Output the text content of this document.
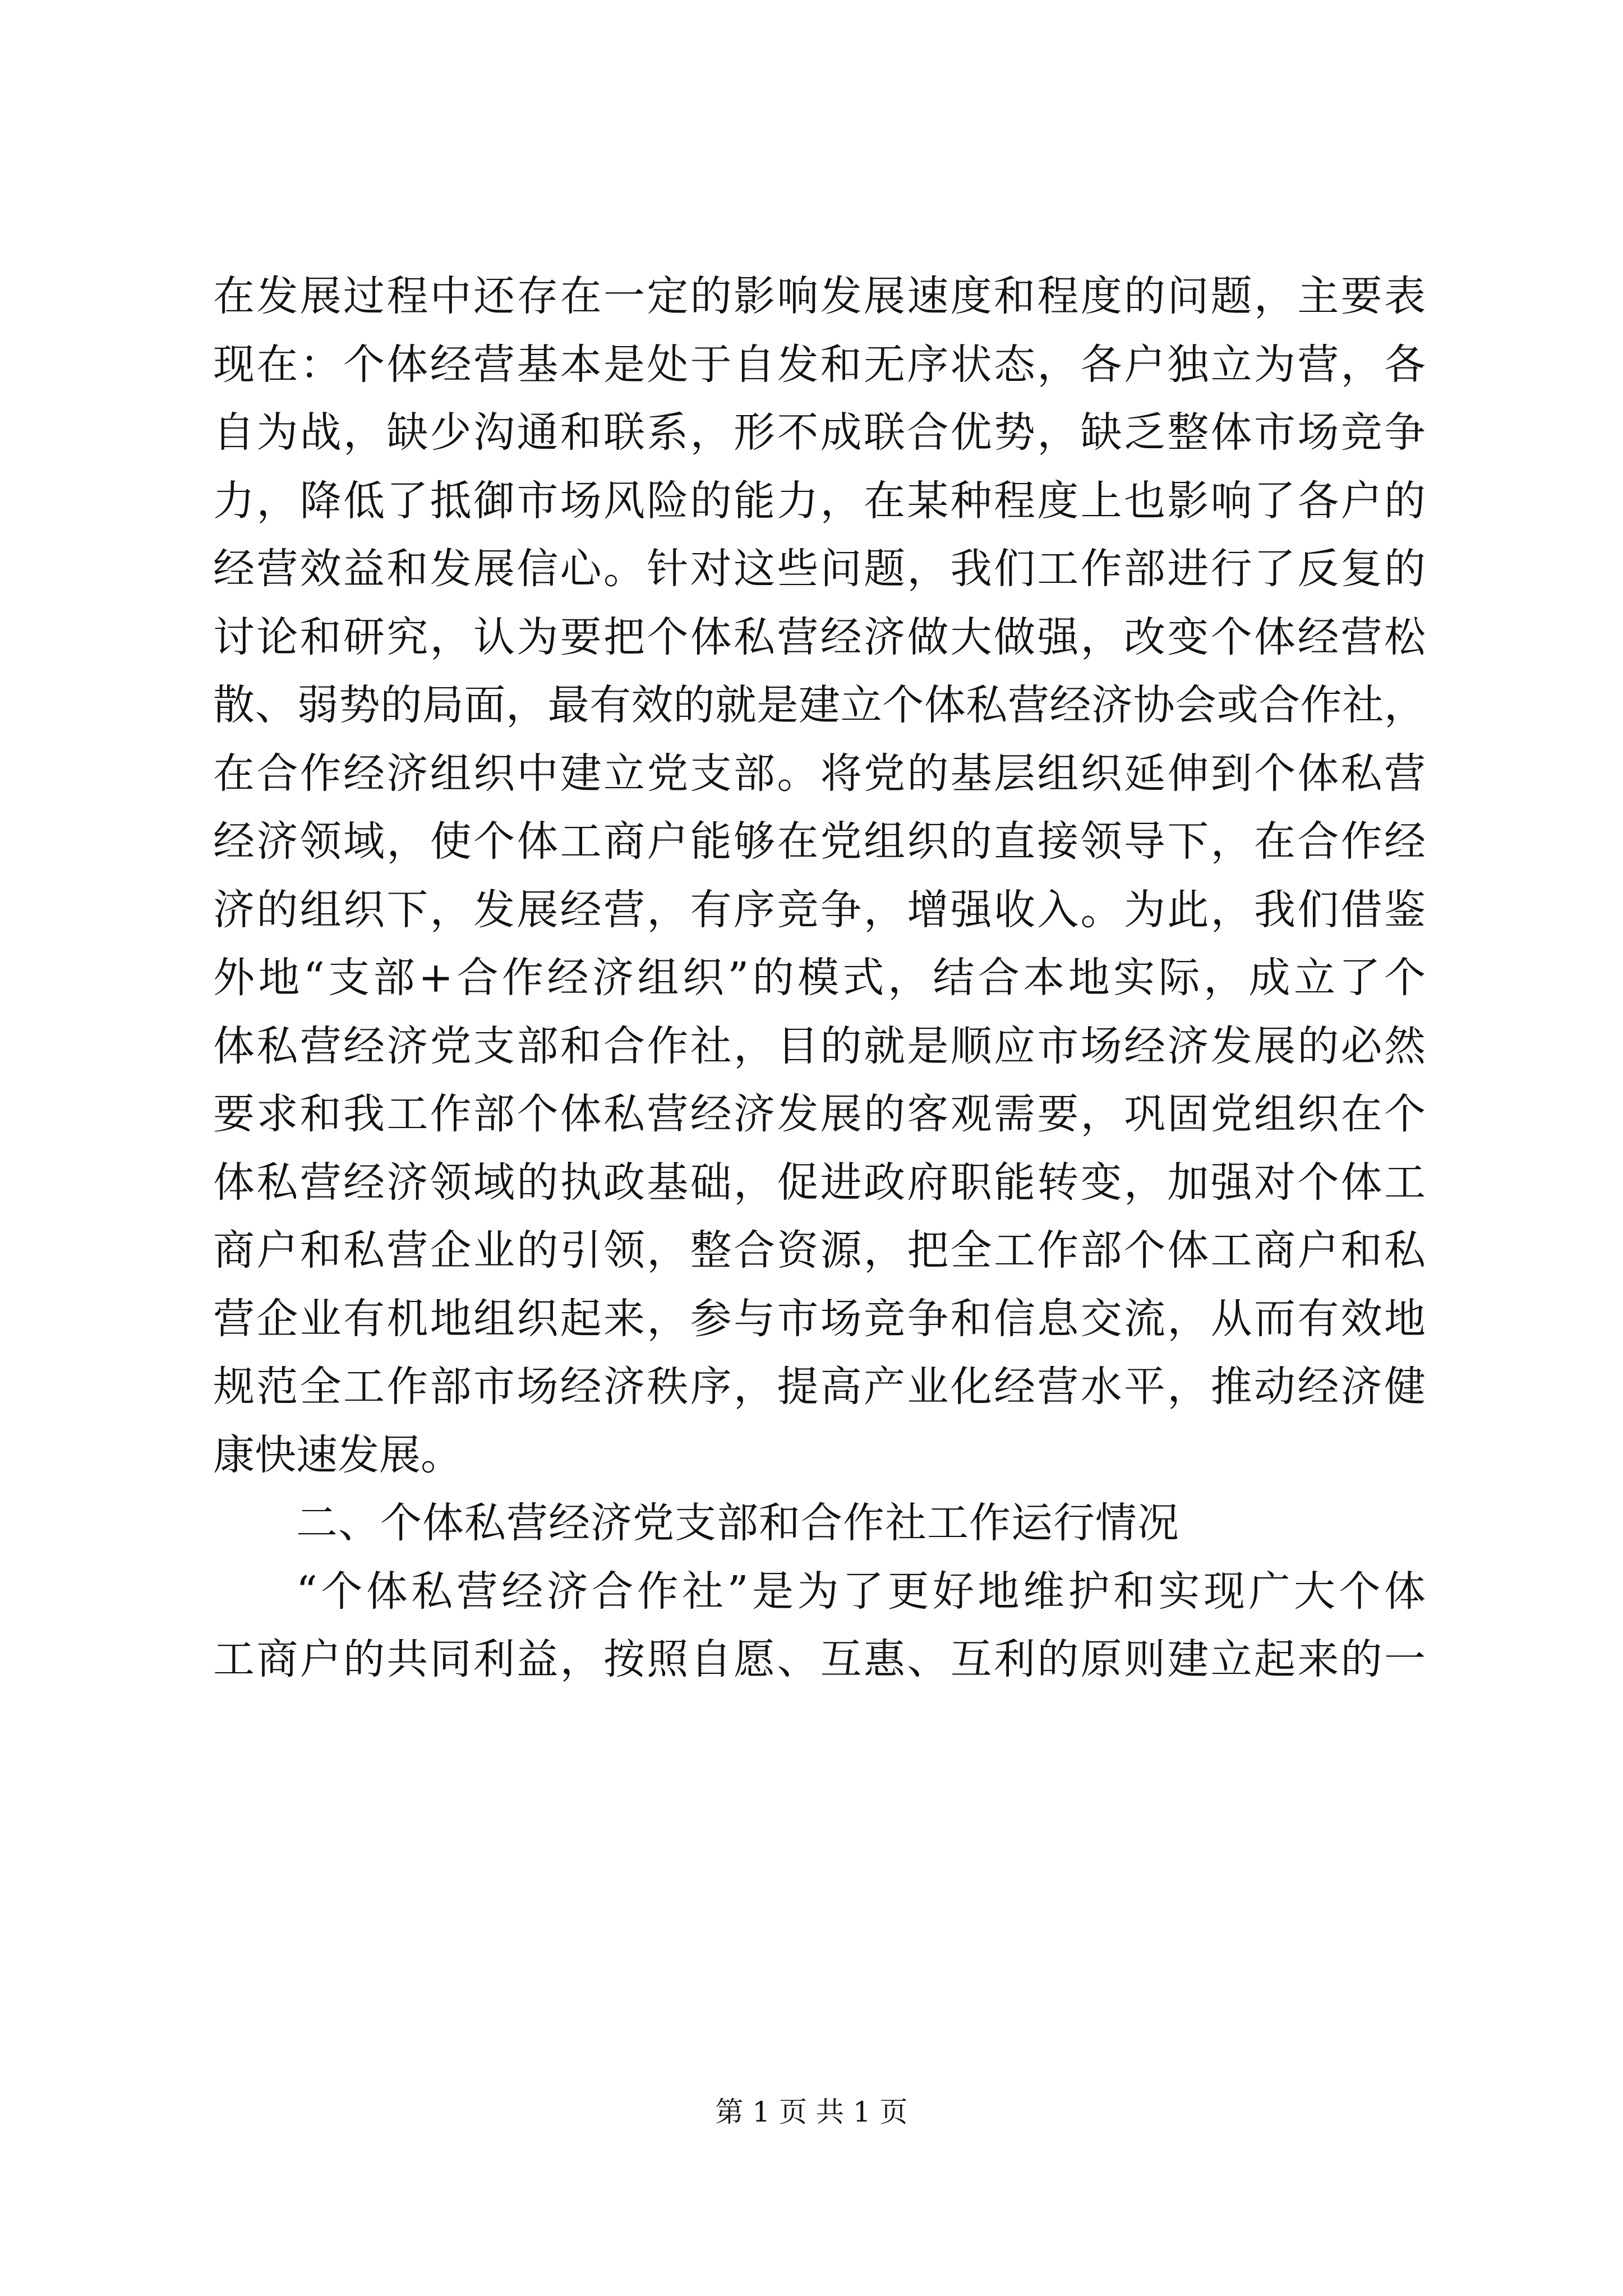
在发展过程中还存在一定的影响发展速度和程度的问题，主要表
现在：个体经营基本是处于自发和无序状态，各户独立为营，各
自为战，缺少沟通和联系，形不成联合优势，缺乏整体市场竞争
力，降低了抵御市场风险的能力，在某种程度上也影响了各户的
经营效益和发展信心。针对这些问题，我们工作部进行了反复的
讨论和研究，认为要把个体私营经济做大做强，改变个体经营松
散、弱势的局面，最有效的就是建立个体私营经济协会或合作社，
在合作经济组织中建立党支部。将党的基层组织延伸到个体私营
经济领域，使个体工商户能够在党组织的直接领导下，在合作经
济的组织下，发展经营，有序竞争，增强收入。为此，我们借鉴
外地“支部+合作经济组织”的模式，结合本地实际，成立了个
体私营经济党支部和合作社，目的就是顺应市场经济发展的必然
要求和我工作部个体私营经济发展的客观需要，巩固党组织在个
体私营经济领域的执政基础，促进政府职能转变，加强对个体工
商户和私营企业的引领，整合资源，把全工作部个体工商户和私
营企业有机地组织起来，参与市场竞争和信息交流，从而有效地
规范全工作部市场经济秩序，提高产业化经营水平，推动经济健
康快速发展。
二、个体私营经济党支部和合作社工作运行情况
“个体私营经济合作社”是为了更好地维护和实现广大个体
工商户的共同利益，按照自愿、互惠、互利的原则建立起来的一
第 1 页 共 1 页
